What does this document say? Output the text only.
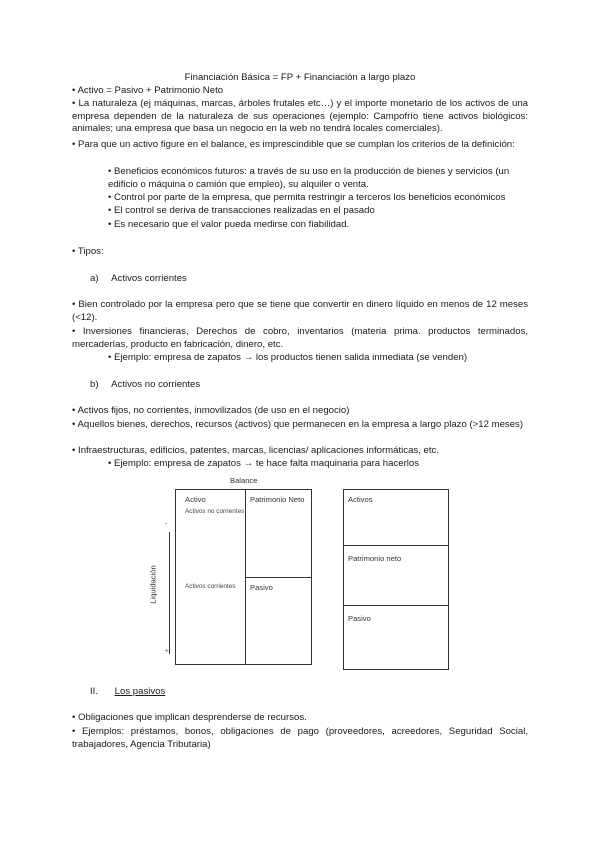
Financiación Básica = FP + Financiación a largo plazo
• Activo = Pasivo + Patrimonio Neto
• La naturaleza (ej máquinas, marcas, árboles frutales etc…) y el importe monetario de los activos de una empresa dependen de la naturaleza de sus operaciones (ejemplo: Campofrío tiene activos biológicos: animales; una empresa que basa un negocio en la web no tendrá locales comerciales).
• Para que un activo figure en el balance, es imprescindible que se cumplan los criterios de la definición:
• Beneficios económicos futuros: a través de su uso en la producción de bienes y servicios (un edificio o máquina o camión que empleo), su alquiler o venta.
• Control por parte de la empresa, que permita restringir a terceros los beneficios económicos
• El control se deriva de transacciones realizadas en el pasado
• Es necesario que el valor pueda medirse con fiabilidad.
• Tipos:
a) Activos corrientes
• Bien controlado por la empresa pero que se tiene que convertir en dinero líquido en menos de 12 meses (<12).
• Inversiones financieras, Derechos de cobro, inventarios (materia prima. productos terminados, mercaderías, producto en fabricación, dinero, etc.
• Ejemplo: empresa de zapatos → los productos tienen salida inmediata (se venden)
b) Activos no corrientes
• Activos fijos, no corrientes, inmovilizados (de uso en el negocio)
• Aquellos bienes, derechos, recursos (activos) que permanecen en la empresa a largo plazo (>12 meses)
• Infraestructuras, edificios, patentes, marcas, licencias/ aplicaciones informáticas, etc.
• Ejemplo: empresa de zapatos → te hace falta maquinaria para hacerlos
Balance
Activo	Patrimonio Neto
Activos no corrientes
Activos corrientes Pasivo
-
+
Liquidación
Activos
Patrimonio neto
Pasivo
II. Los pasivos
• Obligaciones que implican desprenderse de recursos.
• Ejemplos: préstamos, bonos, obligaciones de pago (proveedores, acreedores, Seguridad Social, trabajadores, Agencia Tributaria)
